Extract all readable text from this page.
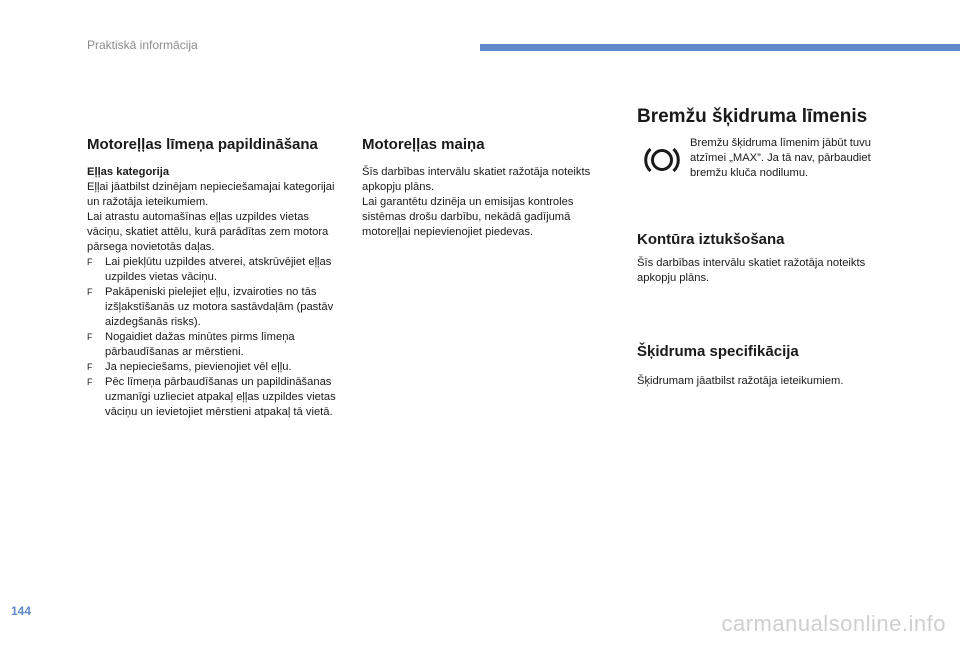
Praktiskā informācija
Motoreļļas līmeņa papildināšana
Eļļas kategorija
Eļļai jāatbilst dzinējam nepieciešamajai kategorijai un ražotāja ieteikumiem.
Lai atrastu automašīnas eļļas uzpildes vietas vāciņu, skatiet attēlu, kurā parādītas zem motora pārsega novietotās daļas.
F	Lai piekļūtu uzpildes atverei, atskrūvējiet eļļas uzpildes vietas vāciņu.
F	Pakāpeniski pielejiet eļļu, izvairoties no tās izšļakstīšanās uz motora sastāvdaļām (pastāv aizdegšanās risks).
F	Nogaidiet dažas minūtes pirms līmeņa pārbaudīšanas ar mērstieni.
F	Ja nepieciešams, pievienojiet vēl eļļu.
F	Pēc līmeņa pārbaudīšanas un papildināšanas uzmanīgi uzlieciet atpakaļ eļļas uzpildes vietas vāciņu un ievietojiet mērstieni atpakaļ tā vietā.
Motoreļļas maiņa
Šīs darbības intervālu skatiet ražotāja noteikts apkopju plāns.
Lai garantētu dzinēja un emisijas kontroles sistēmas drošu darbību, nekādā gadījumā motoreļļai nepievienojiet piedevas.
Bremžu šķidruma līmenis
Bremžu šķidruma līmenim jābūt tuvu atzīmei „MAX”. Ja tā nav, pārbaudiet bremžu kluča nodilumu.
Kontūra iztukšošana
Šīs darbības intervālu skatiet ražotāja noteikts apkopju plāns.
Šķidruma specifikācija
Šķidrumam jāatbilst ražotāja ieteikumiem.
144	carmanualsonline.info
